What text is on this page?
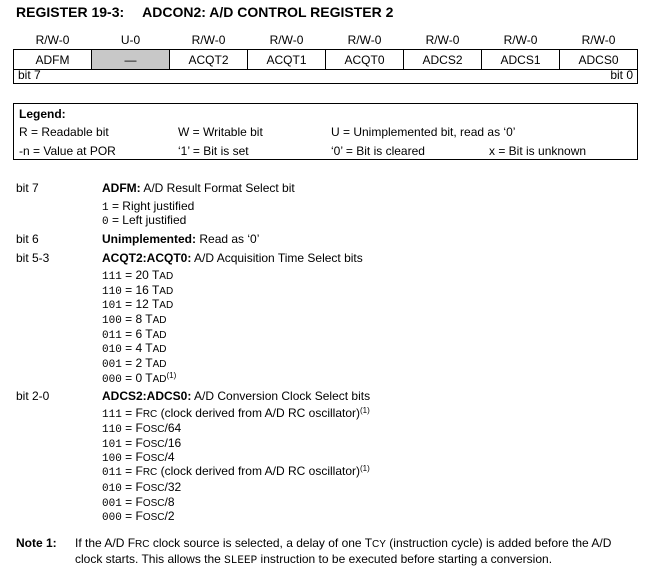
REGISTER 19-3: ADCON2: A/D CONTROL REGISTER 2
R/W-0	U-0	R/W-0	R/W-0	R/W-0	R/W-0	R/W-0	R/W-0
ADFM	—	ACQT2	ACQT1	ACQT0	ADCS2	ADCS1	ADCS0
bit 7	bit 0
Legend:
R = Readable bit	W = Writable bit	U = Unimplemented bit, read as ‘0’
-n = Value at POR	‘1’ = Bit is set	‘0’ = Bit is cleared	x = Bit is unknown
bit 7	ADFM: A/D Result Format Select bit
1 = Right justified
0 = Left justified
bit 6	Unimplemented: Read as ‘0’
bit 5-3	ACQT2:ACQT0: A/D Acquisition Time Select bits
111 = 20 TAD
110 = 16 TAD
101 = 12 TAD
100 = 8 TAD
011 = 6 TAD
010 = 4 TAD
001 = 2 TAD
000 = 0 TAD$^{(1)}$
bit 2-0	ADCS2:ADCS0: A/D Conversion Clock Select bits
111 = FRC (clock derived from A/D RC oscillator)$^{(1)}$
110 = FOSC/64
101 = FOSC/16
100 = FOSC/4
011 = FRC (clock derived from A/D RC oscillator)$^{(1)}$
010 = FOSC/32
001 = FOSC/8
000 = FOSC/2
Note 1: If the A/D FRC clock source is selected, a delay of one TCY (instruction cycle) is added before the A/D clock starts. This allows the SLEEP instruction to be executed before starting a conversion.
